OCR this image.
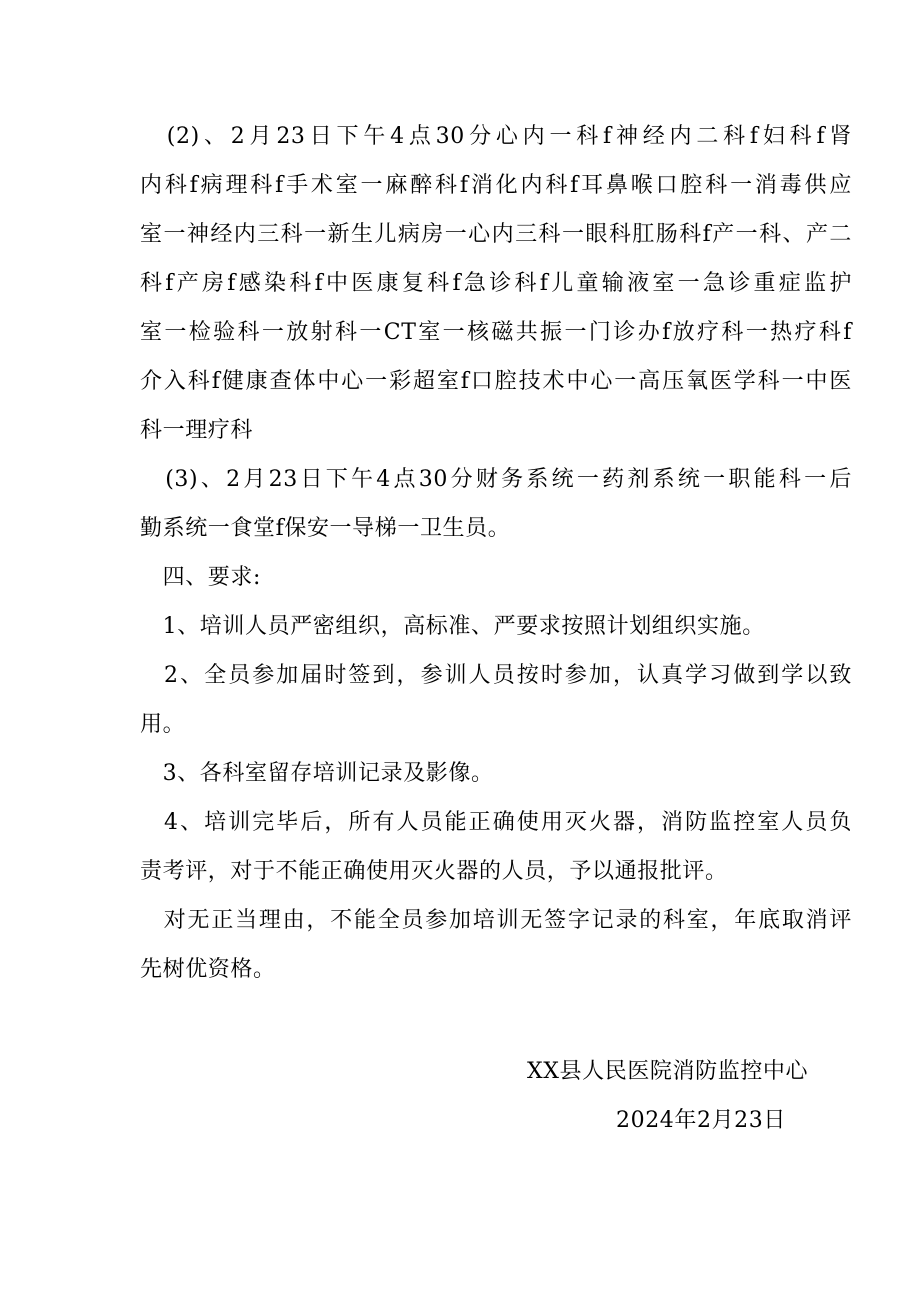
　(2)、2月23日下午4点30分心内一科f神经内二科f妇科f肾
内科f病理科f手术室一麻醉科f消化内科f耳鼻喉口腔科一消毒供应
室一神经内三科一新生儿病房一心内三科一眼科肛肠科f产一科、产二
科f产房f感染科f中医康复科f急诊科f儿童输液室一急诊重症监护
室一检验科一放射科一CT室一核磁共振一门诊办f放疗科一热疗科f
介入科f健康查体中心一彩超室f口腔技术中心一高压氧医学科一中医
科一理疗科
　(3)、2月23日下午4点30分财务系统一药剂系统一职能科一后
勤系统一食堂f保安一导梯一卫生员。
　四、要求:
　1、培训人员严密组织，高标准、严要求按照计划组织实施。
　2、全员参加届时签到，参训人员按时参加，认真学习做到学以致
用。
　3、各科室留存培训记录及影像。
　4、培训完毕后，所有人员能正确使用灭火器，消防监控室人员负
责考评，对于不能正确使用灭火器的人员，予以通报批评。
　对无正当理由，不能全员参加培训无签字记录的科室，年底取消评
先树优资格。
XX县人民医院消防监控中心
2024年2月23日
